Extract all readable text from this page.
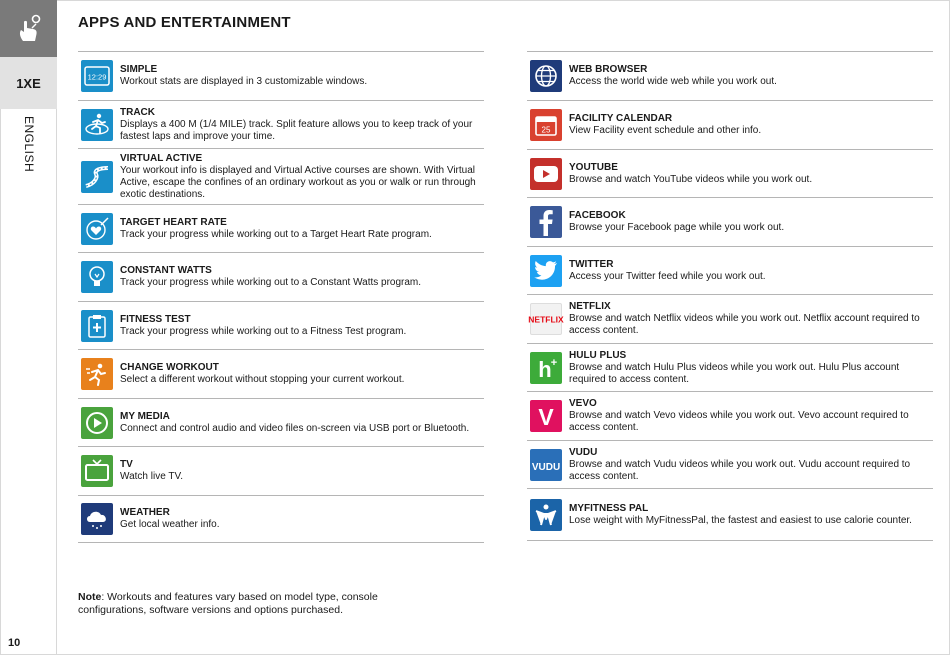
1XE
ENGLISH
APPS AND ENTERTAINMENT
12:29
SIMPLE
Workout stats are displayed in 3 customizable windows.
TRACK
Displays a 400 M (1/4 MILE) track. Split feature allows you to keep track of your fastest laps and improve your time.
VIRTUAL ACTIVE
Your workout info is displayed and Virtual Active courses are shown. With Virtual Active, escape the confines of an ordinary workout as you or walk or run through exotic destinations.
TARGET HEART RATE
Track your progress while working out to a Target Heart Rate program.
CONSTANT WATTS
Track your progress while working out to a Constant Watts program.
FITNESS TEST
Track your progress while working out to a Fitness Test program.
CHANGE WORKOUT
Select a different workout without stopping your current workout.
MY MEDIA
Connect and control audio and video files on-screen via USB port or Bluetooth.
TV
Watch live TV.
WEATHER
Get local weather info.
WEB BROWSER
Access the world wide web while you work out.
25
FACILITY CALENDAR
View Facility event schedule and other info.
YOUTUBE
Browse and watch YouTube videos while you work out.
FACEBOOK
Browse your Facebook page while you work out.
TWITTER
Access your Twitter feed while you work out.
NETFLIX
NETFLIX
Browse and watch Netflix videos while you work out. Netflix account required to access content.
h +
HULU PLUS
Browse and watch Hulu Plus videos while you work out. Hulu Plus account required to access content.
V
VEVO
Browse and watch Vevo videos while you work out. Vevo account required to access content.
VUDU
VUDU
Browse and watch Vudu videos while you work out. Vudu account required to access content.
MYFITNESS PAL
Lose weight with MyFitnessPal, the fastest and easiest to use calorie counter.
Note: Workouts and features vary based on model type, console configurations, software versions and options purchased.
10
